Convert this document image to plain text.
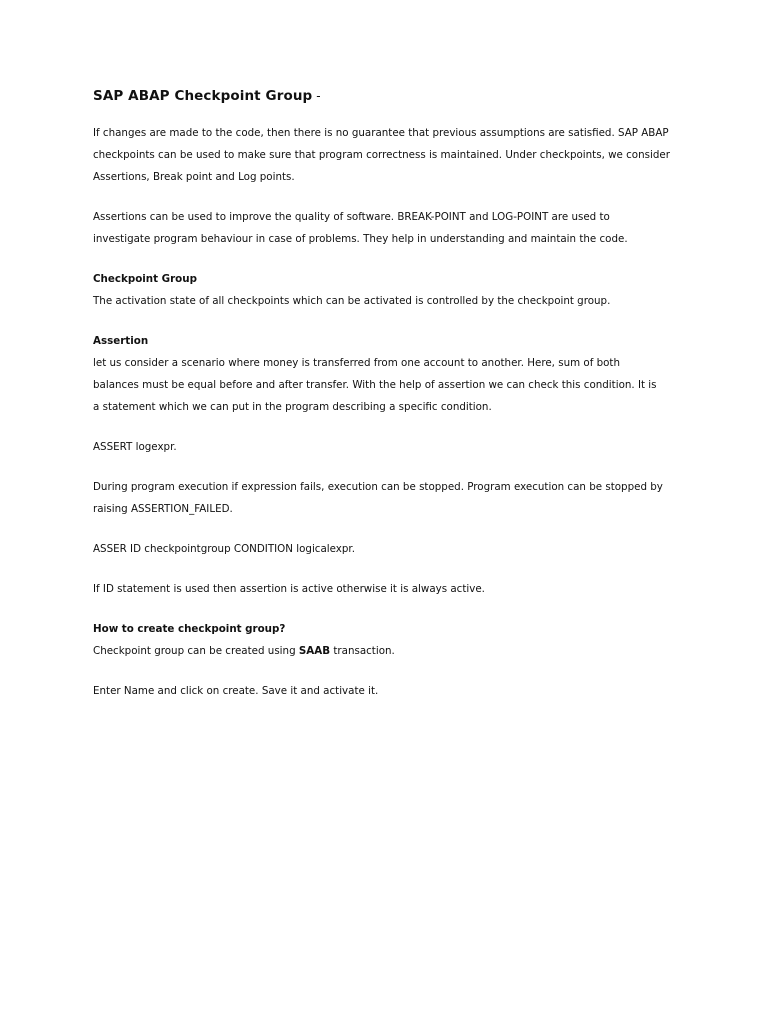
SAP ABAP Checkpoint Group -

If changes are made to the code, then there is no guarantee that previous assumptions are satisfied. SAP ABAP

checkpoints can be used to make sure that program correctness is maintained. Under checkpoints, we consider

Assertions, Break point and Log points.

Assertions can be used to improve the quality of software. BREAK-POINT and LOG-POINT are used to

investigate program behaviour in case of problems. They help in understanding and maintain the code.

Checkpoint Group

The activation state of all checkpoints which can be activated is controlled by the checkpoint group.

Assertion

let us consider a scenario where money is transferred from one account to another. Here, sum of both

balances must be equal before and after transfer. With the help of assertion we can check this condition. It is

a statement which we can put in the program describing a specific condition.

ASSERT logexpr.

During program execution if expression fails, execution can be stopped. Program execution can be stopped by

raising ASSERTION_FAILED.

ASSER ID checkpointgroup CONDITION logicalexpr.

If ID statement is used then assertion is active otherwise it is always active.

How to create checkpoint group?

Checkpoint group can be created using SAAB transaction.

Enter Name and click on create. Save it and activate it.
